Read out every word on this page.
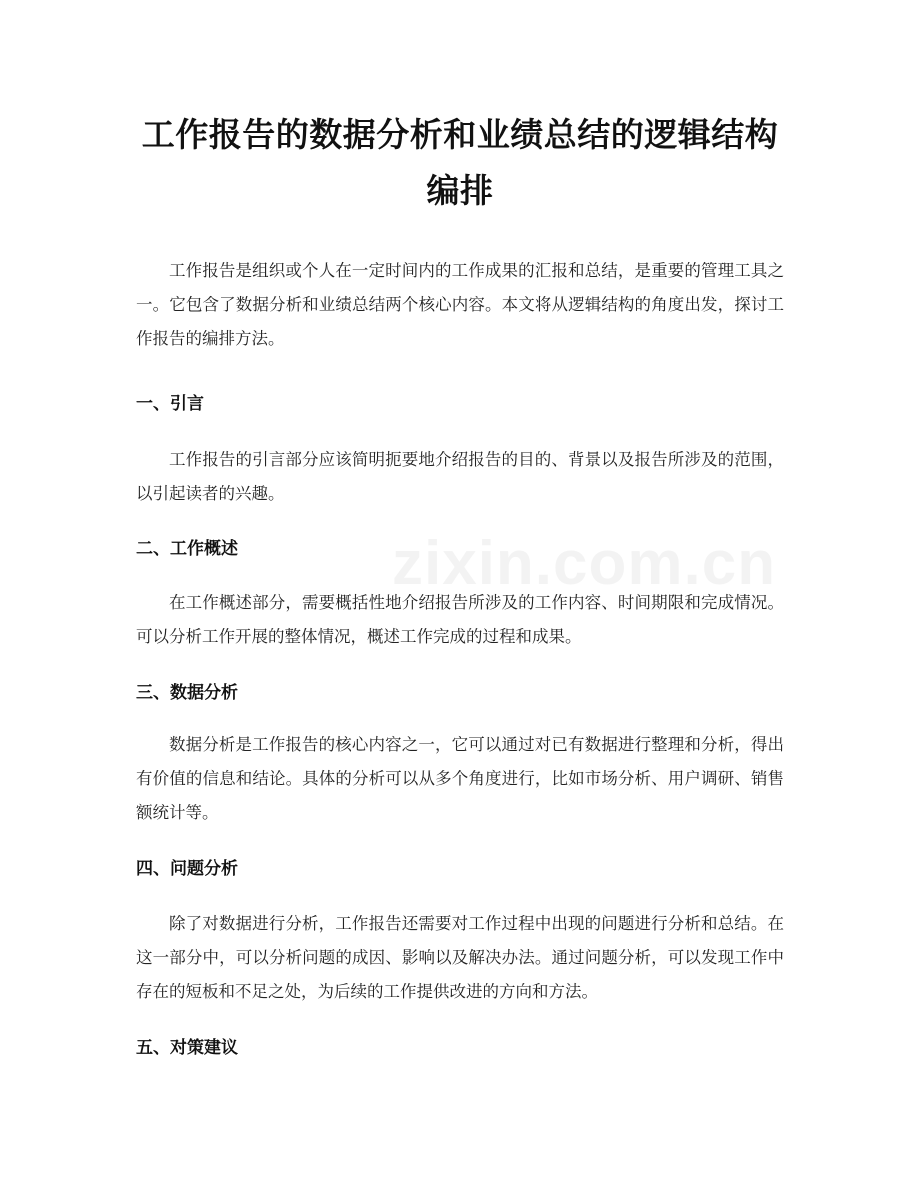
工作报告的数据分析和业绩总结的逻辑结构编排

工作报告是组织或个人在一定时间内的工作成果的汇报和总结，是重要的管理工具之一。它包含了数据分析和业绩总结两个核心内容。本文将从逻辑结构的角度出发，探讨工作报告的编排方法。

一、引言

工作报告的引言部分应该简明扼要地介绍报告的目的、背景以及报告所涉及的范围，以引起读者的兴趣。

二、工作概述

在工作概述部分，需要概括性地介绍报告所涉及的工作内容、时间期限和完成情况。可以分析工作开展的整体情况，概述工作完成的过程和成果。

三、数据分析

数据分析是工作报告的核心内容之一，它可以通过对已有数据进行整理和分析，得出有价值的信息和结论。具体的分析可以从多个角度进行，比如市场分析、用户调研、销售额统计等。

四、问题分析

除了对数据进行分析，工作报告还需要对工作过程中出现的问题进行分析和总结。在这一部分中，可以分析问题的成因、影响以及解决办法。通过问题分析，可以发现工作中存在的短板和不足之处，为后续的工作提供改进的方向和方法。

五、对策建议
zixin.com.cn
